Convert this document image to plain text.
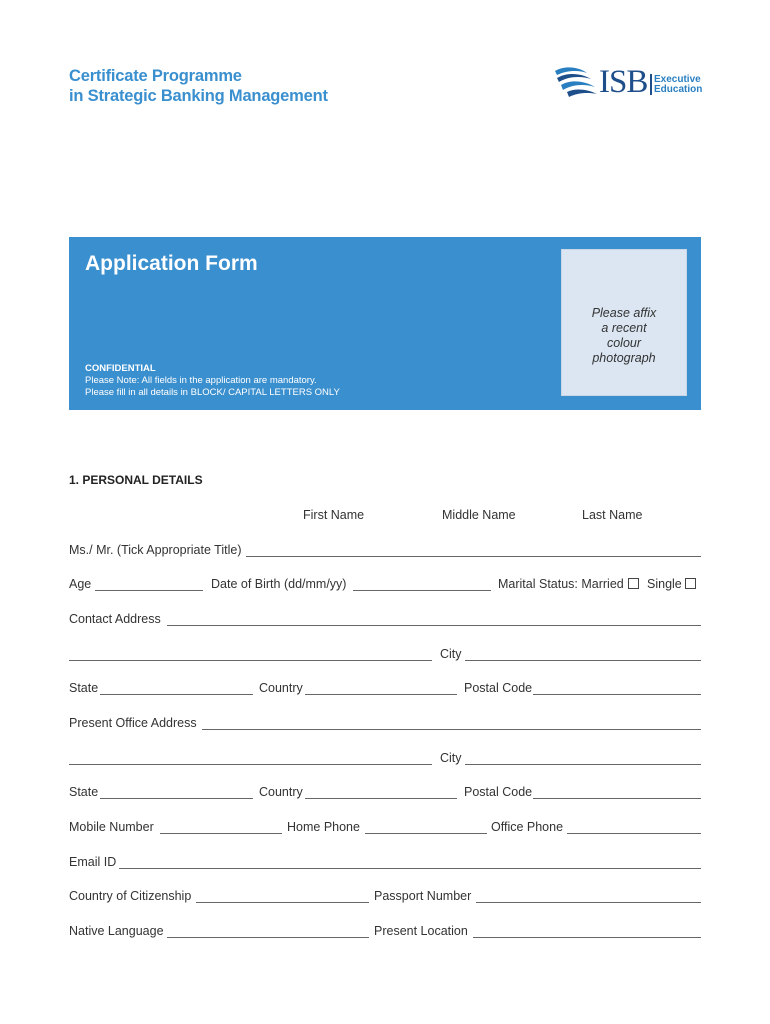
Certificate Programme
in Strategic Banking Management	ISB Executive
Education
Application Form
Please affix
a recent
colour
photograph
CONFIDENTIAL
Please Note: All fields in the application are mandatory.
Please fill in all details in BLOCK/ CAPITAL LETTERS ONLY
1. PERSONAL DETAILS
First Name	Middle Name	Last Name
Ms./ Mr. (Tick Appropriate Title)
Age	Date of Birth (dd/mm/yy)	Marital Status: Married Single
Contact Address
City
State	Country	Postal Code
Present Office Address
City
State	Country	Postal Code
Mobile Number	Home Phone	Office Phone
Email ID
Country of Citizenship	Passport Number
Native Language	Present Location
